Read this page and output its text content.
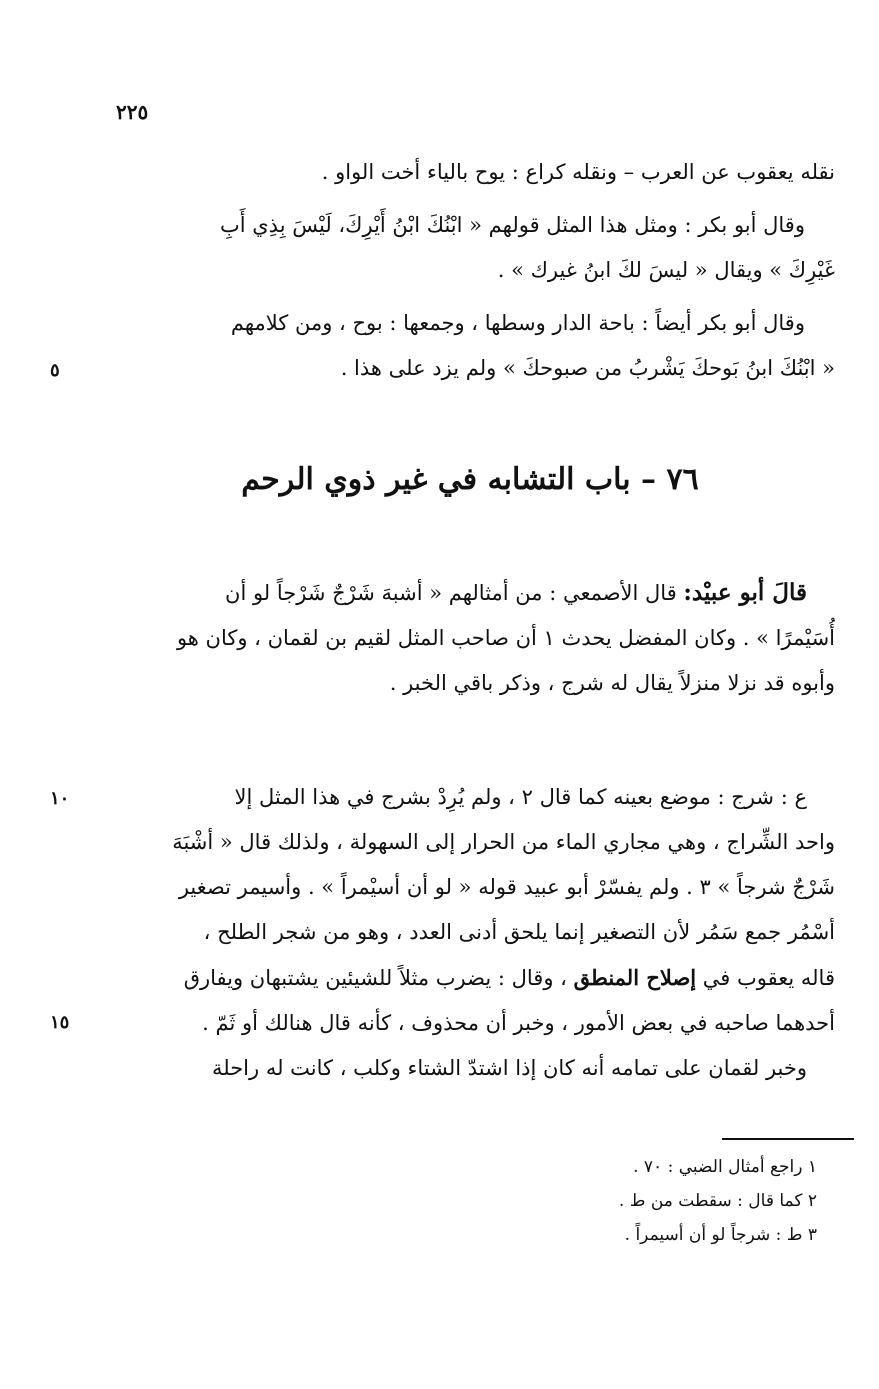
٢٢٥

نقله يعقوب عن العرب – ونقله كراع : يوح بالياء أخت الواو .

وقال أبو بكر : ومثل هذا المثل قولهم « ابْنُكَ ابْنُ أَيْرِكَ، لَيْسَ بِذِي أَبِ
غَيْرِكَ » ويقال « ليسَ لكَ ابنُ غيرك » .

وقال أبو بكر أيضاً : باحة الدار وسطها ، وجمعها : بوح ، ومن كلامهم
« ابْنُكَ ابنُ بَوحكَ يَشْربُ من صبوحكَ » ولم يزد على هذا .

٥
٧٦ – باب التشابه في غير ذوي الرحم
قالَ أبو عبيْد: قال الأصمعي : من أمثالهم « أشبهَ شَرْجٌ شَرْجاً لو أن
أُسَيْمرًا » . وكان المفضل يحدث ١ أن صاحب المثل لقيم بن لقمان ، وكان هو
وأبوه قد نزلا منزلاً يقال له شرج ، وذكر باقي الخبر .
ع : شرج : موضع بعينه كما قال ٢ ، ولم يُرِدْ بشرج في هذا المثل إلا
واحد الشِّراج ، وهي مجاري الماء من الحرار إلى السهولة ، ولذلك قال « أشْبَهَ
شَرْجٌ شرجاً » ٣ . ولم يفسّرْ أبو عبيد قوله « لو أن أسيْمراً » . وأسيمر تصغير
أسْمُر جمع سَمُر لأن التصغير إنما يلحق أدنى العدد ، وهو من شجر الطلح ،
قاله يعقوب في إصلاح المنطق ، وقال : يضرب مثلاً للشيئين يشتبهان ويفارق
أحدهما صاحبه في بعض الأمور ، وخبر أن محذوف ، كأنه قال هنالك أو ثَمّ .
وخبر لقمان على تمامه أنه كان إذا اشتدّ الشتاء وكلب ، كانت له راحلة
١٠
١٥
١ راجع أمثال الضبي : ٧٠ .
٢ كما قال : سقطت من ط .
٣ ط : شرجاً لو أن أسيمراً .
